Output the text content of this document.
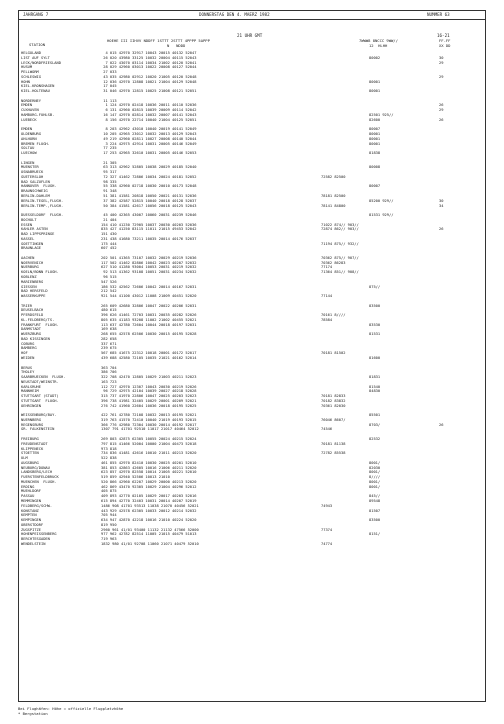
JAHRGANG 7	DONNERSTAG DEN 4. MAERZ 1982	NUMMER 63
21 UHR GMT	16-21
STATION
HOEHE III IIHVV NDDFF 1STTT 2STTT 4PPPP 5APPP
N   NDDD
7WWW8 8NCCC 9WW//
12  HLHH
FF-FF
XX DD
HELGOLAND	4 015 42970 32917 10043 20015 40132 52047
LIST AUF SYLT	26 020 43980 33125 10032 20004 40115 52043	80002	30
LECK/NORDFRIESLAND	7 022 43070 03114 10034 21002 40120 52041	29
HUSUM	28 029 42960 03013 10022 20008 40127 52044
PELLWORM	27 033
SCHLESWIG	43 035 42980 02912 10020 21005 40120 52048	29
HOHN	12 036 42970 12808 10021 21004 40129 52048	80001
KIEL-KRONSHAGEN	17 045
KIEL-HOLTENAU	31 046 42970 12815 10025 21008 40121 52051	80001
NORDERNEY	11 113
EMDEN	1 124 42970 02418 10036 20011 40110 52036	26
CUXHAVEN	6 131 42960 02815 10039 20009 40114 52042	29
HAMBURG-FUHLSB.	16 147 42970 02814 10032 20007 40141 52043	82501 925//
LUEBECK	8 156 42970 22714 10040 21004 40125 52051	82600	26
EMDEN	8 203 42962 43010 10040 20019 40141 52049	80007
OLDENBURG	10 205 42965 23012 10032 20013 40129 52043	80001
AHLHORN	49 219 42960 02811 10027 20008 40140 52044	80001
BREMEN FLUGH.	3 224 42975 42914 10031 20005 40146 52049	80001
SOLTAU	77 235
LUECHOW	17 253 42965 32610 10031 20005 40146 52053	81838
LINGEN	21 305
MUENSTER	63 313 42962 52805 10038 20029 40185 52040	80008
OSNABRUECK	95 317
GUETERSLOH	72 327 41462 72806 10034 20024 40181 52052	72582 82500
BAD SALZUFLEN	98 335
HANNOVER  FLUGH.	55 338 42960 02718 10030 20010 40173 52048	80007
BRAUNSCHWEIG	91 348
BERLIN-DAHLEM	51 381 41581 20818 10050 20021 40131 52036	78181 82500
BERLIN-TEGEL,FLUGH.	37 382 42587 52815 10040 20018 40128 52037	85200 929//	30
BERLIN-TEMP.,FLUGH.	50 384 41581 42617 10056 20018 40125 52043	78141 84800	34
DUESSELDORF  FLUGH.	45 400 42365 43007 10060 20031 40239 52046	81531 929//
BOCHOLT	21 404
ESSEN	154 410 41230 72905 10037 20030 40203 52036	71022 874// 903//
KAHLER ASTEN	835 427 41250 83115 11011 21015 49453 52042	72874 862// 903//	26
BAD LIPPSPRINGE	151 430
KASSEL	231 438 41680 73211 10035 20014 40176 52037
GOETTINGEN	175 444	71194 875// 932//
BRAUNLAGE	607 452
AACHEN	202 501 41365 73107 10032 20029 40219 52036	70362 875// 907//
NOERVENICH	117 502 41462 82806 10042 20023 40207 52032	70362 86283
NUERBURG	627 510 41280 93004 10053 20031 40219 52032	77174
KOELN/BONN FLUGH.	92 513 41362 93108 10051 20031 40234 52032	71364 851// 908//
KOBLENZ	96 515
MARIENBERG	547 526
GIESSEN	186 532 42562 72606 10042 20014 40167 52031	875//
BAD HERSFELD	212 542
WASSERKUPPE	921 544 41100 43012 11008 21009 40451 52020	77144
TRIER	265 609 42680 32806 10047 20022 40206 52031	83500
DEUSELBACH	480 615
PFERDSFELD	396 626 41461 72703 10031 20035 40282 52026	70161 8////
KL.FELDBERG/TS.	805 635 41183 93208 11002 21002 40455 52021	78584
FRANKFURT  FLUGH.	113 637 42780 72604 10044 20018 40197 52031	83530
DARMSTADT	169 638
WUERZBURG	268 655 42578 62506 10030 20015 40195 52028	81531
BAD KISSINGEN	282 658
COBURG	337 671
BAMBERG	239 675
HOF	567 685 41675 22312 10018 20001 40172 52017	70181 81502
WEIDEN	439 688 42580 72105 10035 21021 40162 52014	81600
BERUS	363 704
THOLEY	386 706
SAARBRUECKEN  FLUGH.	322 708 42470 12805 10029 21003 40211 52023	81831
NEUSTADT/WEINSTR.	163 723
KARLSRUHE	112 727 42970 12307 10043 20030 40219 52026	81540
MANNHEIM	96 729 42975 42104 10039 20027 40218 52028	84830
STUTTGART (STADT)	315 737 41970 22806 10047 20025 40203 52023	70181 82833
STUTTGART  FLUGH.	396 738 41981 32405 10029 20001 40209 52021	70182 83832
OEHRINGEN	276 742 41960 22604 10036 20018 40195 52025	70361 82030
WEISSENBURG/BAY.	422 761 42780 72108 10032 20013 40195 52021	85501
NUERNBERG	319 763 41570 72410 10040 21019 40193 52015	76046 8607/
REGENSBURG	366 776 42980 72304 10030 20014 40192 52017	8703/	26
GR. FALKENSTEIN	1307 791 41701 92510 11017 21017 40464 52012	74546
FREIBURG	269 803 42875 62305 10055 20024 40215 52024	82532
FREUDENSTADT	797 815 41466 52004 10000 21004 40473 52018	70181 81138
KLIPPENECK	973 818
STOETTEN	734 836 41481 42616 10010 21011 40213 52020	72782 85538
ULM	522 838
AUGSBURG	461 855 42970 82410 10030 20025 40201 52010	8001/
NEUBURG/DONAU	381 853 42863 42605 10016 21006 40211 52020	82030
LANDSBERG/LECH	623 857 42970 82558 10014 21005 40221 52010	8001/
FUERSTENFELDBRUCK	519 859 42940 52506 10013 21010	8////
MUENCHEN  FLUGH.	520 866 42960 62207 10029 20000 40213 52020	8001/
ERDING	462 869 43470 92305 10029 21004 40296 52012	8001/
MUEHLDORF	405 875
PASSAU	409 893 42770 02105 10029 20017 40203 52016	845//
MEMMINGEN	615 894 42770 32403 10031 20014 40207 52019	89548
FELDBERG/SCHW.	1486 908 41701 93513 11038 21070 40456 52021	74943
KONSTANZ	443 929 42578 62305 10033 20012 40214 52032	81507
KEMPTEN	705 944
KEMPINGEN	634 947 42870 42218 10016 21010 40224 52020	83500
OBERSTDORF	819 950
ZUGSPITZE	2960 961 41/01 93400 11132 21132 47566 52000	77374
HOHENPEISSENBERG	977 962 42782 82514 11005 21015 40479 51013	8151/
BERCHTESGADEN	719 963
WENDELSTEIN	1832 980 41/01 92708 11060 21071 40479 52010	74774
Bei Flughäfen: Höhe = offizielle Flugplatzhöhe
* Bergstation
